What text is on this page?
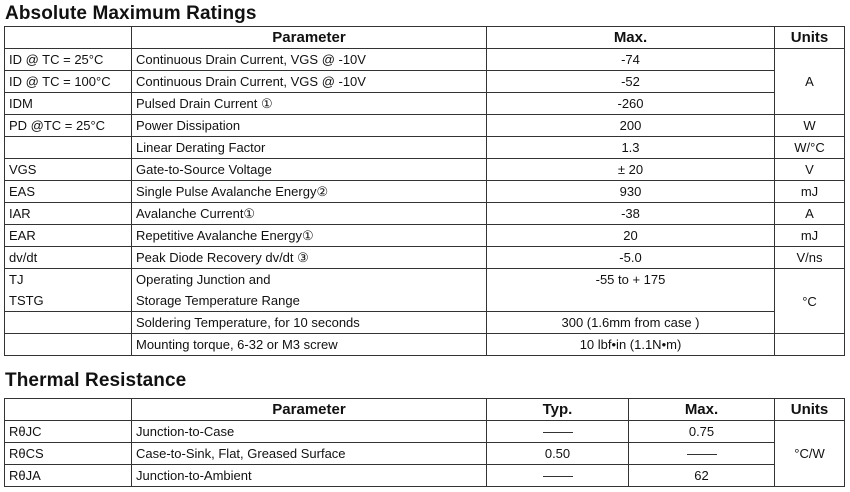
Absolute Maximum Ratings
	Parameter	Max.	Units
ID @ TC = 25°C	Continuous Drain Current, VGS @ -10V	-74	A
ID @ TC = 100°C	Continuous Drain Current, VGS @ -10V	-52	
IDM	Pulsed Drain Current ①	-260	
PD @TC = 25°C	Power Dissipation	200	W
	Linear Derating Factor	1.3	W/°C
VGS	Gate-to-Source Voltage	± 20	V
EAS	Single Pulse Avalanche Energy②	930	mJ
IAR	Avalanche Current①	-38	A
EAR	Repetitive Avalanche Energy①	20	mJ
dv/dt	Peak Diode Recovery dv/dt ③	-5.0	V/ns
TJ	Operating Junction and	-55 to + 175	°C
TSTG	Storage Temperature Range		
	Soldering Temperature, for 10 seconds	300 (1.6mm from case )	
	Mounting torque, 6-32 or M3 screw	10 lbf•in (1.1N•m)	
Thermal Resistance
	Parameter	Typ.	Max.	Units
RθJC	Junction-to-Case		0.75	°C/W
RθCS	Case-to-Sink, Flat, Greased Surface	0.50		
RθJA	Junction-to-Ambient		62	
